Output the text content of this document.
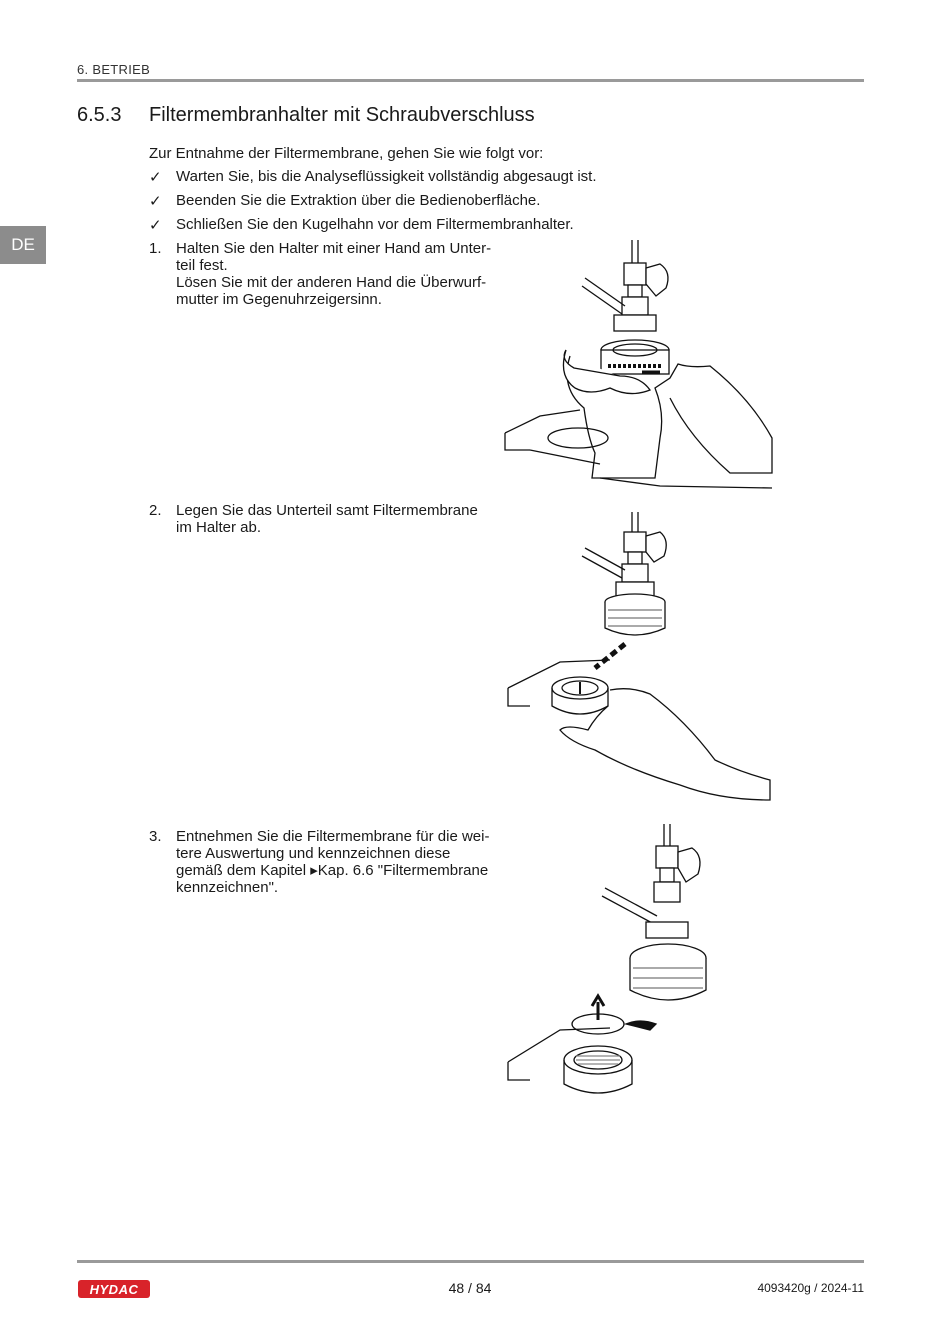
6. BETRIEB
6.5.3 Filtermembranhalter mit Schraubverschluss
DE
Zur Entnahme der Filtermembrane, gehen Sie wie folgt vor:
✓ Warten Sie, bis die Analyseflüssigkeit vollständig abgesaugt ist.
✓ Beenden Sie die Extraktion über die Bedienoberfläche.
✓ Schließen Sie den Kugelhahn vor dem Filtermembranhalter.
1. Halten Sie den Halter mit einer Hand am Unter-
teil fest.
Lösen Sie mit der anderen Hand die Überwurf-
mutter im Gegenuhrzeigersinn.
2. Legen Sie das Unterteil samt Filtermembrane
im Halter ab.
3. Entnehmen Sie die Filtermembrane für die wei-
tere Auswertung und kennzeichnen diese
gemäß dem Kapitel ▸Kap. 6.6 "Filtermembrane
kennzeichnen".
HYDAC	48 / 84	4093420g / 2024-11
